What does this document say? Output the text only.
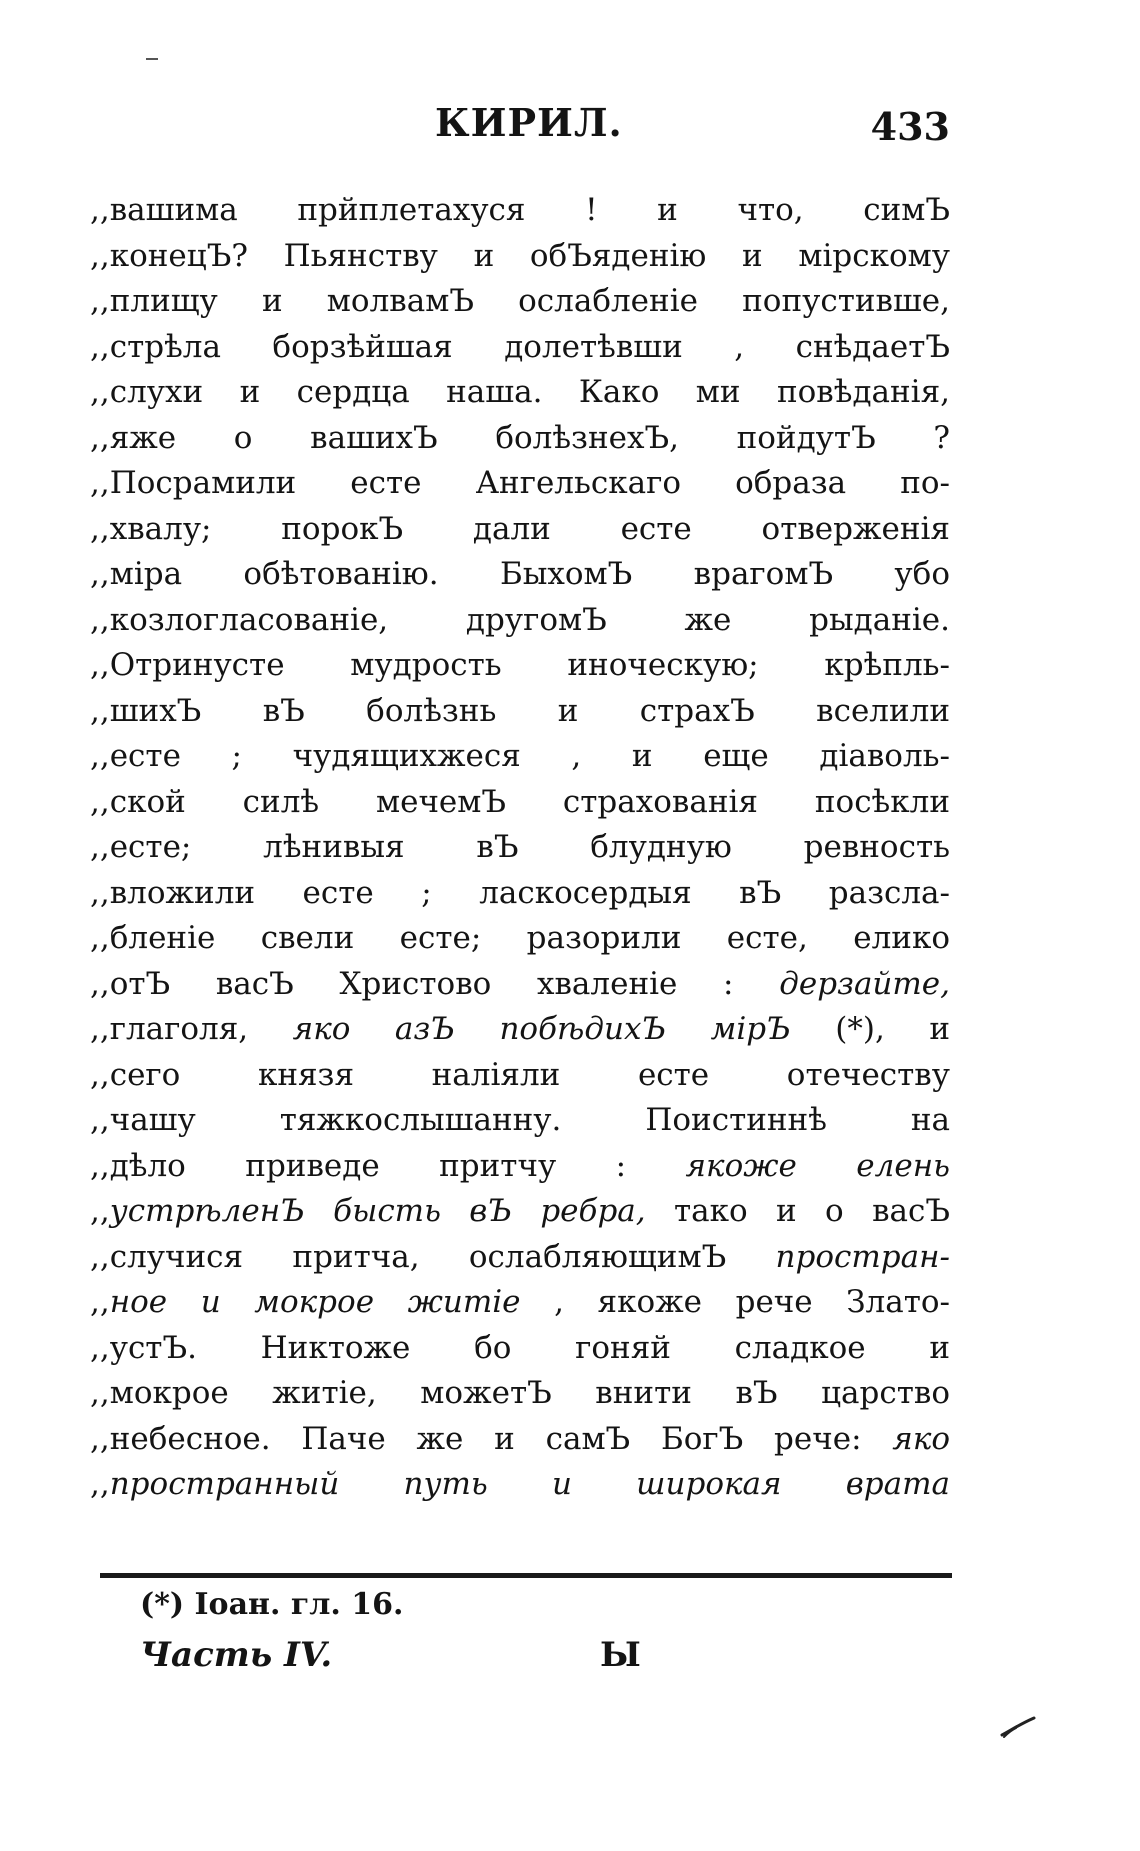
КИРИЛ.	433
,,вашима прйплетахуся ! и что, симЪ
,,конецЪ? Пьянству и обЪяденiю и мiрскому
,,плищу и молвамЪ ослабленiе попустивше,
,,стрѣла борзѣйшая долетѣвши , снѣдаетЪ
,,слухи и сердца наша. Како ми повѣданiя,
,,яже о вашихЪ болѣзнехЪ, пойдутЪ ?
,,Посрамили есте Ангельскаго образа по-
,,хвалу; порокЪ дали есте отверженiя
,,мiра обѣтованiю. БыхомЪ врагомЪ убо
,,козлогласованiе, другомЪ же рыданiе.
,,Отринусте мудрость иноческую; крѣпль-
,,шихЪ вЪ болѣзнь и страхЪ вселили
,,есте ; чудящихжеся , и еще дiаволь-
,,ской силѣ мечемЪ страхованiя посѣкли
,,есте; лѣнивыя вЪ блудную ревность
,,вложили есте ; ласкосердыя вЪ разсла-
,,бленiе свели есте; разорили есте, елико
,,отЪ васЪ Христово хваленiе : дерзайте,
,,глаголя, яко азЪ побѣдихЪ мiрЪ (*), и
,,сего князя налiяли есте отечеству
,,чашу тяжкослышанну. Поистиннѣ на
,,дѣло приведе притчу : якоже елень
,,устрѣленЪ бысть вЪ ребра, тако и о васЪ
,,случися притча, ослабляющимЪ простран-
,,ное и мокрое житiе , якоже рече Злато-
,,устЪ. Никтоже бо гоняй сладкое и
,,мокрое житiе, можетЪ внити вЪ царство
,,небесное. Паче же и самЪ БогЪ рече: яко
,,пространный путь и широкая врата
(*) Iоан. гл. 16.
Часть IV.	Ы
